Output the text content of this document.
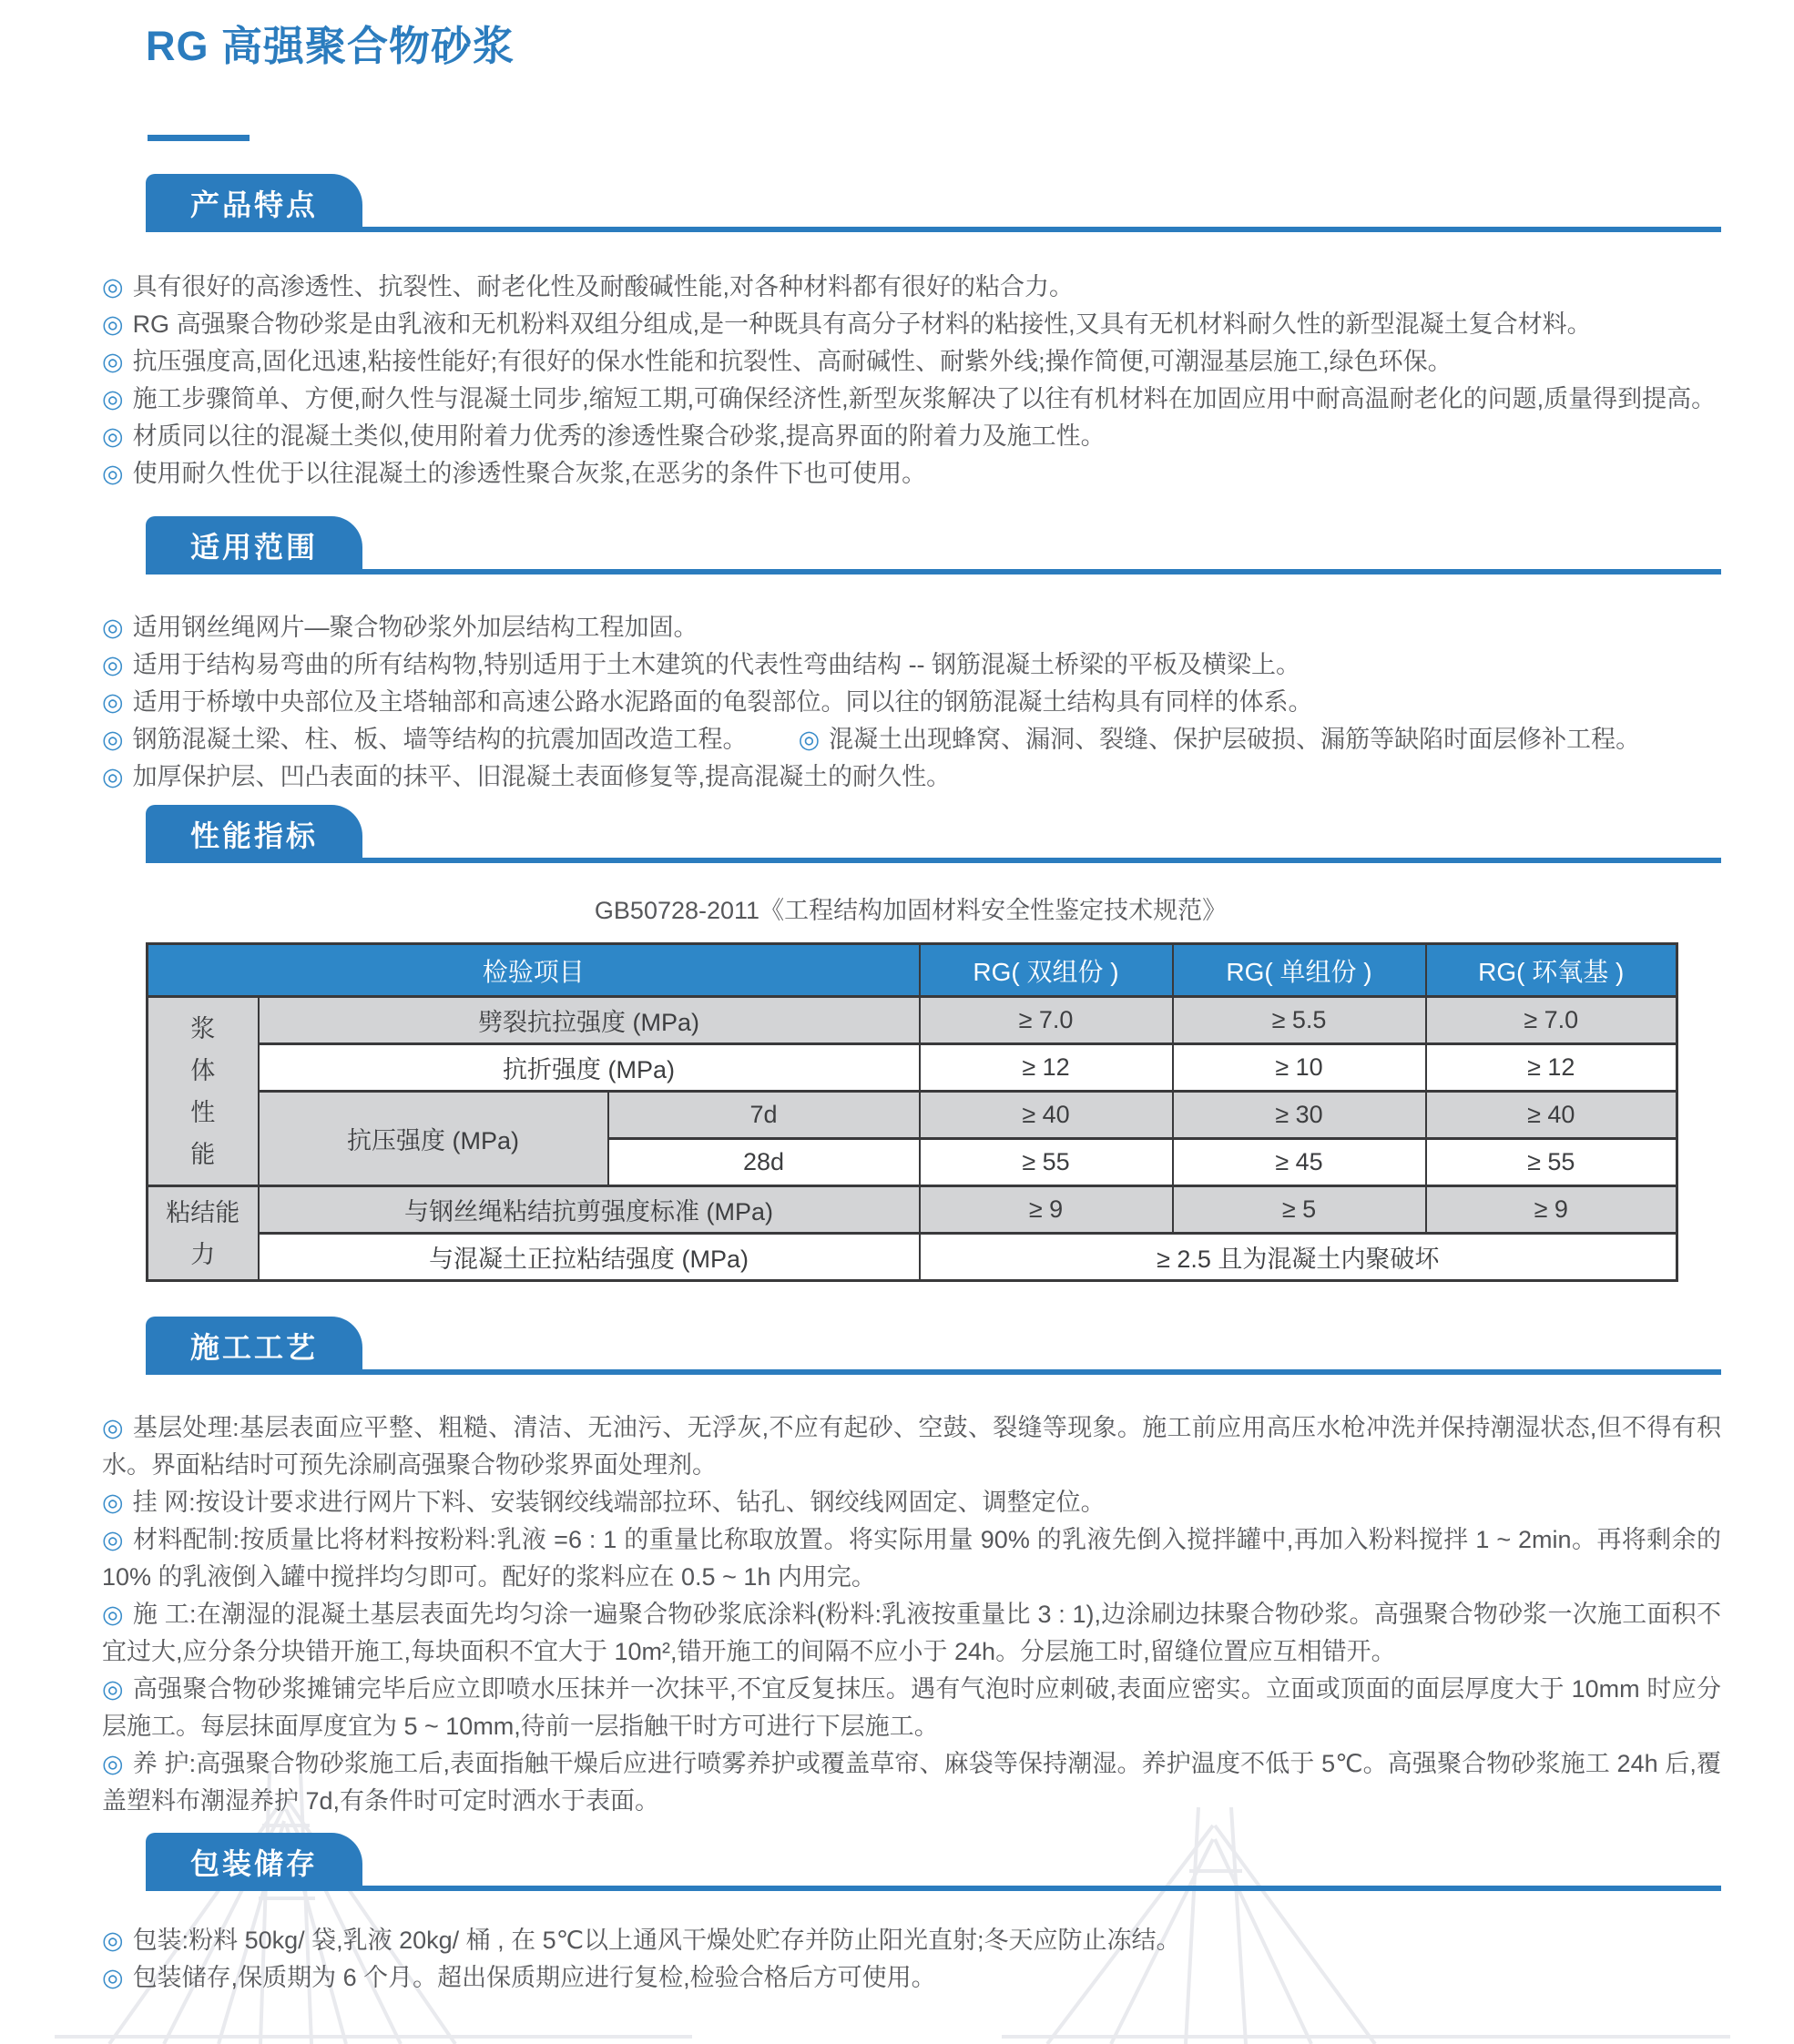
RG 高强聚合物砂浆
产品特点

◎ 具有很好的高渗透性、抗裂性、耐老化性及耐酸碱性能,对各种材料都有很好的粘合力。

◎ RG 高强聚合物砂浆是由乳液和无机粉料双组分组成,是一种既具有高分子材料的粘接性,又具有无机材料耐久性的新型混凝土复合材料。

◎ 抗压强度高,固化迅速,粘接性能好;有很好的保水性能和抗裂性、高耐碱性、耐紫外线;操作简便,可潮湿基层施工,绿色环保。

◎ 施工步骤简单、方便,耐久性与混凝土同步,缩短工期,可确保经济性,新型灰浆解决了以往有机材料在加固应用中耐高温耐老化的问题,质量得到提高。

◎ 材质同以往的混凝土类似,使用附着力优秀的渗透性聚合砂浆,提高界面的附着力及施工性。

◎ 使用耐久性优于以往混凝土的渗透性聚合灰浆,在恶劣的条件下也可使用。

适用范围

◎ 适用钢丝绳网片—聚合物砂浆外加层结构工程加固。

◎ 适用于结构易弯曲的所有结构物,特别适用于土木建筑的代表性弯曲结构 -- 钢筋混凝土桥梁的平板及横梁上。

◎ 适用于桥墩中央部位及主塔轴部和高速公路水泥路面的龟裂部位。同以往的钢筋混凝土结构具有同样的体系。

◎ 钢筋混凝土梁、柱、板、墙等结构的抗震加固改造工程。 ◎ 混凝土出现蜂窝、漏洞、裂缝、保护层破损、漏筋等缺陷时面层修补工程。

◎ 加厚保护层、凹凸表面的抹平、旧混凝土表面修复等,提高混凝土的耐久性。

性能指标

GB50728-2011《工程结构加固材料安全性鉴定技术规范》

检验项目			RG( 双组份 )	RG( 单组份 )	RG( 环氧基 )
浆体性能	劈裂抗拉强度 (MPa)		≥ 7.0	≥ 5.5	≥ 7.0
	抗折强度 (MPa)		≥ 12	≥ 10	≥ 12
	抗压强度 (MPa)	7d	≥ 40	≥ 30	≥ 40
		28d	≥ 55	≥ 45	≥ 55
粘结能力	与钢丝绳粘结抗剪强度标准 (MPa)		≥ 9	≥ 5	≥ 9
	与混凝土正拉粘结强度 (MPa)		≥ 2.5 且为混凝土内聚破坏		
施工工艺

◎ 基层处理:基层表面应平整、粗糙、清洁、无油污、无浮灰,不应有起砂、空鼓、裂缝等现象。施工前应用高压水枪冲洗并保持潮湿状态,但不得有积水。界面粘结时可预先涂刷高强聚合物砂浆界面处理剂。

◎ 挂 网:按设计要求进行网片下料、安装钢绞线端部拉环、钻孔、钢绞线网固定、调整定位。

◎ 材料配制:按质量比将材料按粉料:乳液 =6 : 1 的重量比称取放置。将实际用量 90% 的乳液先倒入搅拌罐中,再加入粉料搅拌 1 ~ 2min。再将剩余的 10% 的乳液倒入罐中搅拌均匀即可。配好的浆料应在 0.5 ~ 1h 内用完。

◎ 施 工:在潮湿的混凝土基层表面先均匀涂一遍聚合物砂浆底涂料(粉料:乳液按重量比 3 : 1),边涂刷边抹聚合物砂浆。高强聚合物砂浆一次施工面积不宜过大,应分条分块错开施工,每块面积不宜大于 10m²,错开施工的间隔不应小于 24h。分层施工时,留缝位置应互相错开。

◎ 高强聚合物砂浆摊铺完毕后应立即喷水压抹并一次抹平,不宜反复抹压。遇有气泡时应刺破,表面应密实。立面或顶面的面层厚度大于 10mm 时应分层施工。每层抹面厚度宜为 5 ~ 10mm,待前一层指触干时方可进行下层施工。

◎ 养 护:高强聚合物砂浆施工后,表面指触干燥后应进行喷雾养护或覆盖草帘、麻袋等保持潮湿。养护温度不低于 5℃。高强聚合物砂浆施工 24h 后,覆盖塑料布潮湿养护 7d,有条件时可定时洒水于表面。

包装储存

◎ 包装:粉料 50kg/ 袋,乳液 20kg/ 桶 , 在 5℃以上通风干燥处贮存并防止阳光直射;冬天应防止冻结。

◎ 包装储存,保质期为 6 个月。超出保质期应进行复检,检验合格后方可使用。
